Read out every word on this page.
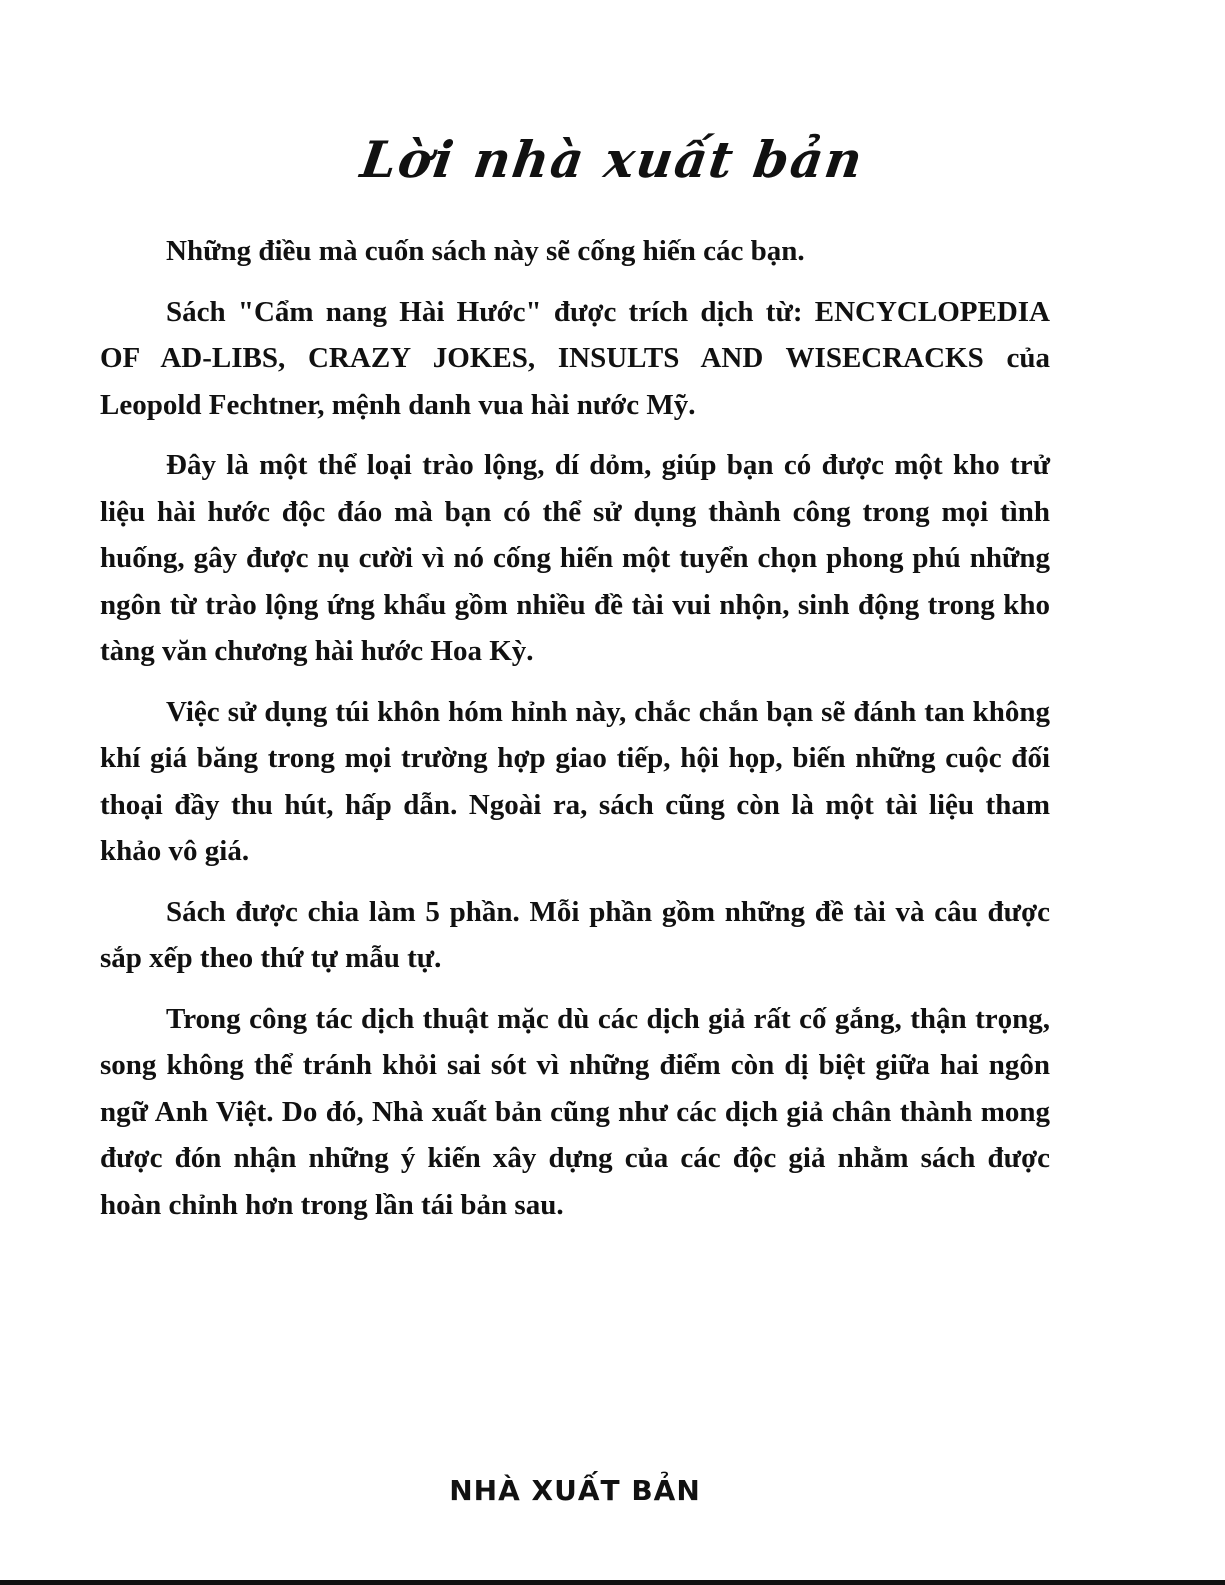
Lời nhà xuất bản

Những điều mà cuốn sách này sẽ cống hiến các bạn.

Sách "Cẩm nang Hài Hước" được trích dịch từ: ENCYCLOPEDIA OF AD-LIBS, CRAZY JOKES, INSULTS AND WISECRACKS của Leopold Fechtner, mệnh danh vua hài nước Mỹ.

Đây là một thể loại trào lộng, dí dỏm, giúp bạn có được một kho trử liệu hài hước độc đáo mà bạn có thể sử dụng thành công trong mọi tình huống, gây được nụ cười vì nó cống hiến một tuyển chọn phong phú những ngôn từ trào lộng ứng khẩu gồm nhiều đề tài vui nhộn, sinh động trong kho tàng văn chương hài hước Hoa Kỳ.

Việc sử dụng túi khôn hóm hỉnh này, chắc chắn bạn sẽ đánh tan không khí giá băng trong mọi trường hợp giao tiếp, hội họp, biến những cuộc đối thoại đầy thu hút, hấp dẫn. Ngoài ra, sách cũng còn là một tài liệu tham khảo vô giá.

Sách được chia làm 5 phần. Mỗi phần gồm những đề tài và câu được sắp xếp theo thứ tự mẫu tự.

Trong công tác dịch thuật mặc dù các dịch giả rất cố gắng, thận trọng, song không thể tránh khỏi sai sót vì những điểm còn dị biệt giữa hai ngôn ngữ Anh Việt. Do đó, Nhà xuất bản cũng như các dịch giả chân thành mong được đón nhận những ý kiến xây dựng của các độc giả nhằm sách được hoàn chỉnh hơn trong lần tái bản sau.

NHÀ XUẤT BẢN
